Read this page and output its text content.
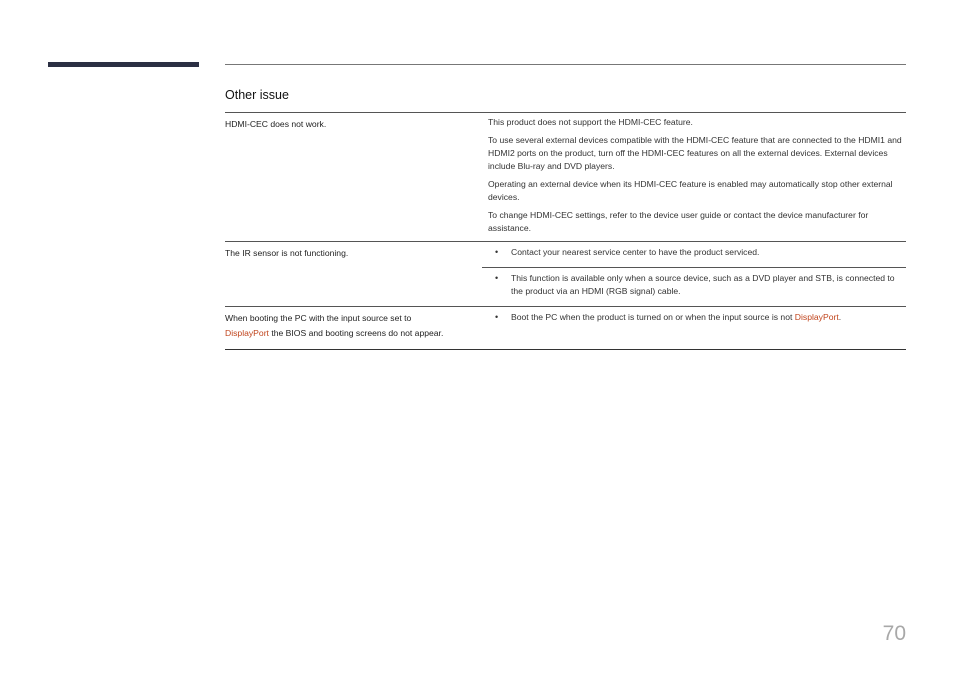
Other issue
HDMI-CEC does not work.	This product does not support the HDMI-CEC feature.

To use several external devices compatible with the HDMI-CEC feature that are connected to the HDMI1 and HDMI2 ports on the product, turn off the HDMI-CEC features on all the external devices. External devices include Blu-ray and DVD players.

Operating an external device when its HDMI-CEC feature is enabled may automatically stop other external devices.

To change HDMI-CEC settings, refer to the device user guide or contact the device manufacturer for assistance.

The IR sensor is not functioning.	• Contact your nearest service center to have the product serviced.
• This function is available only when a source device, such as a DVD player and STB, is connected to the product via an HDMI (RGB signal) cable.
When booting the PC with the input source set to
DisplayPort the BIOS and booting screens do not appear.
• Boot the PC when the product is turned on or when the input source is not DisplayPort.
70
